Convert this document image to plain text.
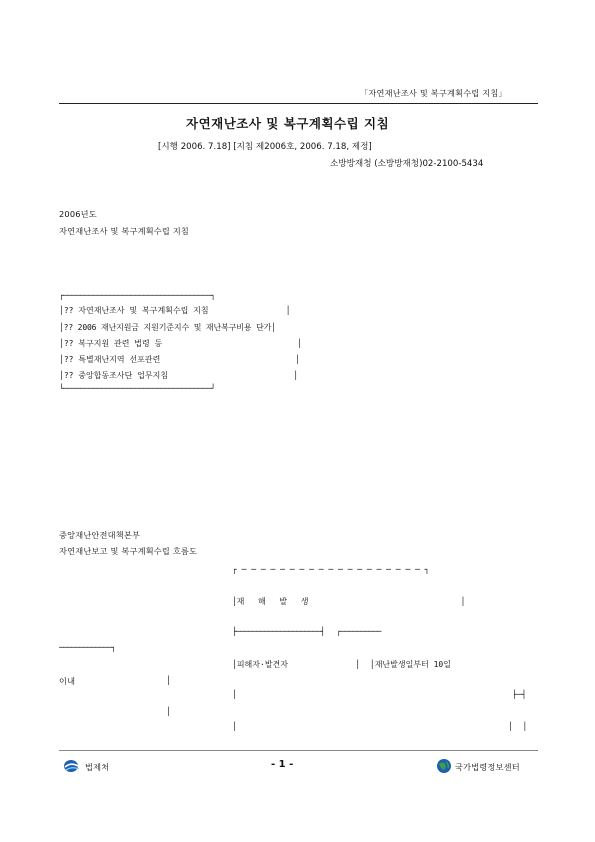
「자연재난조사 및 복구계획수립 지침」
자연재난조사 및 복구계획수립 지침
[시행 2006. 7.18] [지침 제2006호, 2006. 7.18, 제정]
소방방재청 (소방방재청)02-2100-5434
2006년도
자연재난조사 및 복구계획수립 지침
┌───────────────────────────────────┐
│?? 자연재난조사 및 복구계획수립 지침                │
│?? 2006 재난지원금 지원기준지수 및 재난복구비용 단가│
│?? 복구지원 관련 법령 등                            │
│?? 특별재난지역 선포관련                            │
│?? 중앙합동조사단 업무지침                          │
└───────────────────────────────────┘
중앙재난안전대책본부
자연재난보고 및 복구계획수립 흐름도
┌ ─ ─ ─ ─ ─ ─ ─ ─ ─ ─ ─ ─ ─ ─ ─ ─ ─ ─ ─ ┐
│재   해   발   생                                 │
├─────────────────────┤   ┌──────────
─────────────┐
│피해자·발견자              │  │재난발생일부터 10일
이내	│
│	├─┤
│
│	│  │
법제처	- 1 -	국가법령정보센터
